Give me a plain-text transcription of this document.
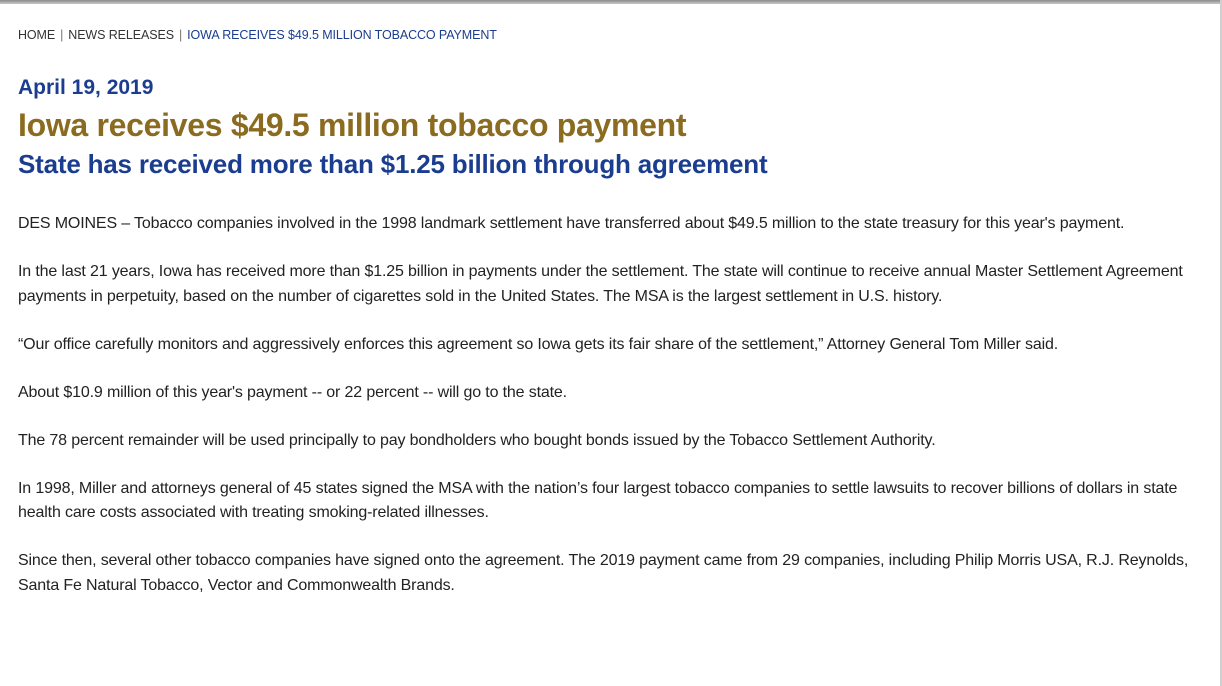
HOME | NEWS RELEASES | IOWA RECEIVES $49.5 MILLION TOBACCO PAYMENT
April 19, 2019
Iowa receives $49.5 million tobacco payment
State has received more than $1.25 billion through agreement

DES MOINES – Tobacco companies involved in the 1998 landmark settlement have transferred about $49.5 million to the state treasury for this year's payment.

In the last 21 years, Iowa has received more than $1.25 billion in payments under the settlement. The state will continue to receive annual Master Settlement Agreement payments in perpetuity, based on the number of cigarettes sold in the United States. The MSA is the largest settlement in U.S. history.

“Our office carefully monitors and aggressively enforces this agreement so Iowa gets its fair share of the settlement,” Attorney General Tom Miller said.

About $10.9 million of this year's payment -- or 22 percent -- will go to the state.

The 78 percent remainder will be used principally to pay bondholders who bought bonds issued by the Tobacco Settlement Authority.

In 1998, Miller and attorneys general of 45 states signed the MSA with the nation’s four largest tobacco companies to settle lawsuits to recover billions of dollars in state health care costs associated with treating smoking-related illnesses.

Since then, several other tobacco companies have signed onto the agreement. The 2019 payment came from 29 companies, including Philip Morris USA, R.J. Reynolds, Santa Fe Natural Tobacco, Vector and Commonwealth Brands.
